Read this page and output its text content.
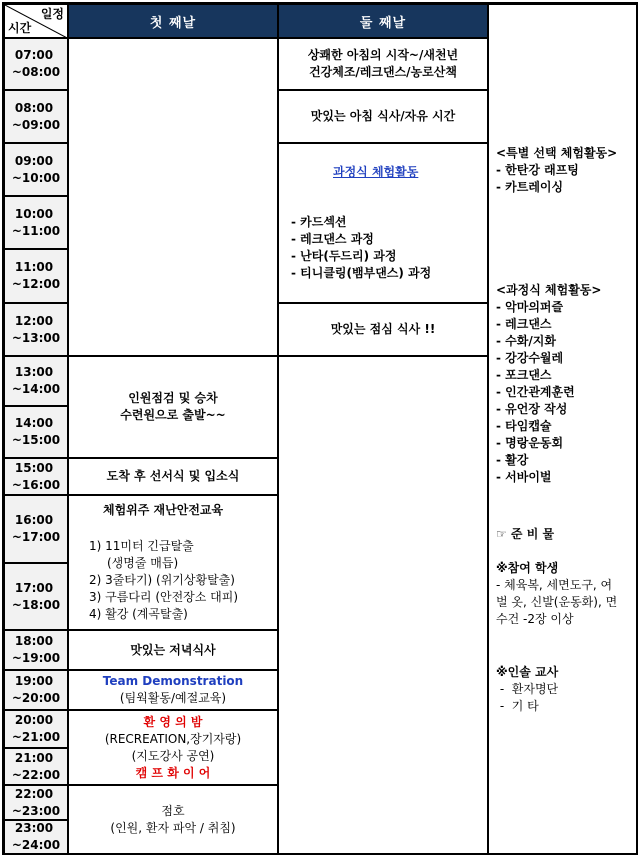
일정
시간	첫 째날	둘 째날
07:00
~08:00
08:00
~09:00
09:00
~10:00
10:00
~11:00
11:00
~12:00
12:00
~13:00
13:00
~14:00
14:00
~15:00
15:00
~16:00
16:00
~17:00
17:00
~18:00
18:00
~19:00
19:00
~20:00
20:00
~21:00
21:00
~22:00
22:00
~23:00
23:00
~24:00
인원점검 및 승차
수련원으로 출발~~
도착 후 선서식 및 입소식
체험위주 재난안전교육
1) 11미터 긴급탈출
(생명줄 매듭)
2) 3줄타기) (위기상황탈출)
3) 구름다리 (안전장소 대피)
4) 활강 (계곡탈출)
맛있는 저녁식사
Team Demonstration
(팀웍활동/예절교육)
환 영 의 밤
(RECREATION,장기자랑)
(지도강사 공연)
캠 프 화 이 어
점호
(인원, 환자 파악 / 취침)
상쾌한 아침의 시작~/새천년
건강체조/레크댄스/농로산책
맛있는 아침 식사/자유 시간
과정식 체험활동
- 카드섹션
- 레크댄스 과정
- 난타(두드리) 과정
- 티니클링(뱀부댄스) 과정
맛있는 점심 식사 !!
<특별 선택 체험활동>
- 한탄강 래프팅
- 카트레이싱
<과정식 체험활동>
- 악마의퍼즐
- 레크댄스
- 수화/지화
- 강강수월레
- 포크댄스
- 인간관계훈련
- 유언장 작성
- 타임캡슐
- 명랑운동회
- 활강
- 서바이벌
☞ 준 비 물
※참여 학생
- 체육복, 세면도구, 여
벌 옷, 신발(운동화), 면
수건 -2장 이상
※인솔 교사
-  환자명단
-  기 타
